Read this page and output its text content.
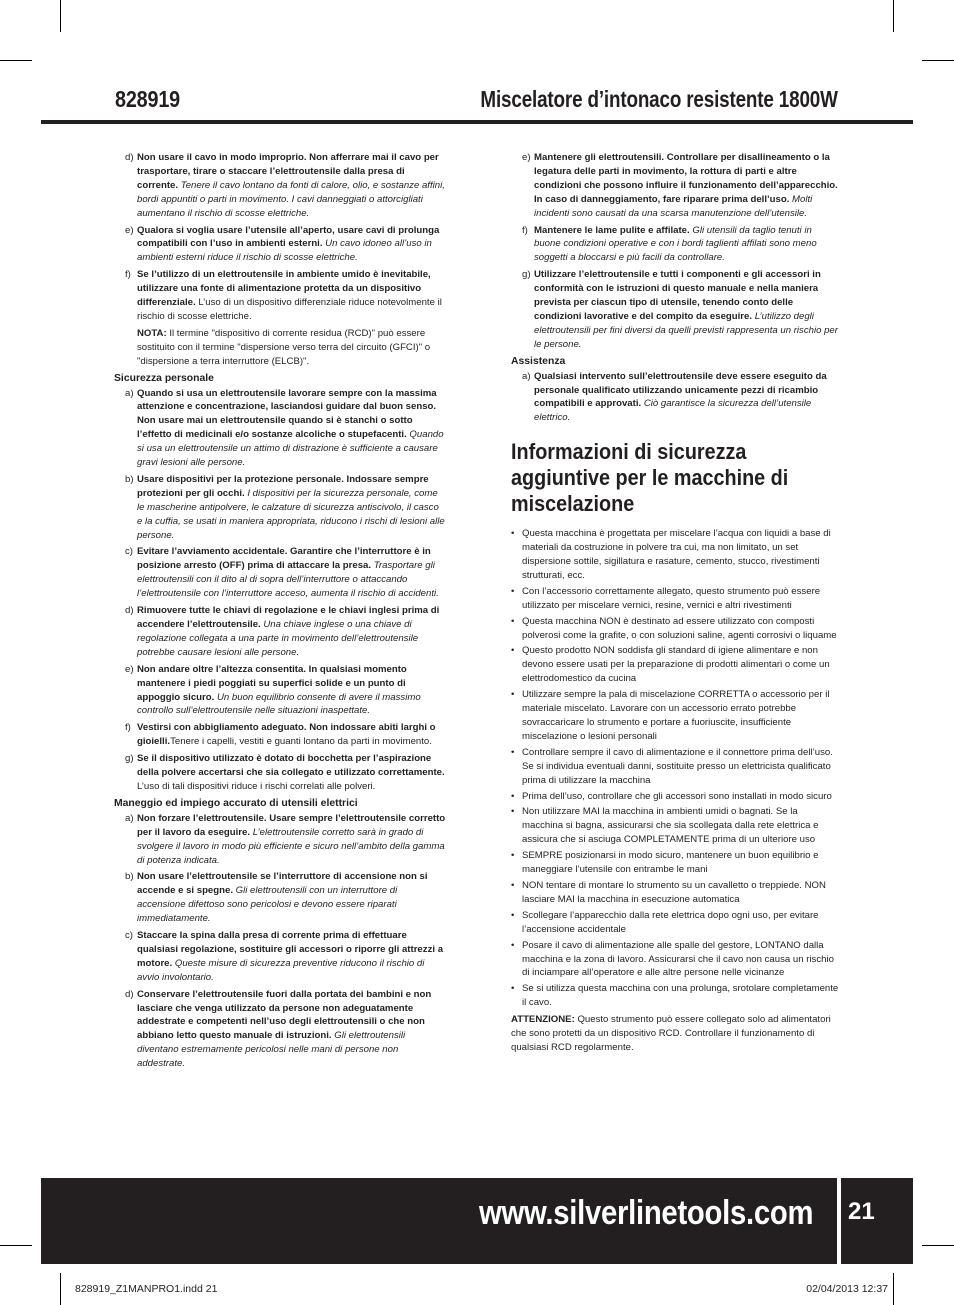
828919	Miscelatore d’intonaco resistente 1800W
d) Non usare il cavo in modo improprio. Non afferrare mai il cavo per trasportare, tirare o staccare l’elettroutensile dalla presa di corrente. Tenere il cavo lontano da fonti di calore, olio, e sostanze affini, bordi appuntiti o parti in movimento. I cavi danneggiati o attorcigliati aumentano il rischio di scosse elettriche.
e) Qualora si voglia usare l’utensile all’aperto, usare cavi di prolunga compatibili con l’uso in ambienti esterni. Un cavo idoneo all’uso in ambienti esterni riduce il rischio di scosse elettriche.
f) Se l’utilizzo di un elettroutensile in ambiente umido è inevitabile, utilizzare una fonte di alimentazione protetta da un dispositivo differenziale. L’uso di un dispositivo differenziale riduce notevolmente il rischio di scosse elettriche.

NOTA: Il termine "dispositivo di corrente residua (RCD)" può essere sostituito con il termine "dispersione verso terra del circuito (GFCI)" o "dispersione a terra interruttore (ELCB)".

Sicurezza personale
a) Quando si usa un elettroutensile lavorare sempre con la massima attenzione e concentrazione, lasciandosi guidare dal buon senso. Non usare mai un elettroutensile quando si è stanchi o sotto l’effetto di medicinali e/o sostanze alcoliche o stupefacenti. Quando si usa un elettroutensile un attimo di distrazione è sufficiente a causare gravi lesioni alle persone.
b) Usare dispositivi per la protezione personale. Indossare sempre protezioni per gli occhi. I dispositivi per la sicurezza personale, come le mascherine antipolvere, le calzature di sicurezza antiscivolo, il casco e la cuffia, se usati in maniera appropriata, riducono i rischi di lesioni alle persone.
c) Evitare l’avviamento accidentale. Garantire che l’interruttore è in posizione arresto (OFF) prima di attaccare la presa. Trasportare gli elettroutensili con il dito al di sopra dell’interruttore o attaccando l’elettroutensile con l’interruttore acceso, aumenta il rischio di accidenti.
d) Rimuovere tutte le chiavi di regolazione e le chiavi inglesi prima di accendere l’elettroutensile. Una chiave inglese o una chiave di regolazione collegata a una parte in movimento dell’elettroutensile potrebbe causare lesioni alle persone.
e) Non andare oltre l’altezza consentita. In qualsiasi momento mantenere i piedi poggiati su superfici solide e un punto di appoggio sicuro. Un buon equilibrio consente di avere il massimo controllo sull’elettroutensile nelle situazioni inaspettate.
f) Vestirsi con abbigliamento adeguato. Non indossare abiti larghi o gioielli.Tenere i capelli, vestiti e guanti lontano da parti in movimento.
g) Se il dispositivo utilizzato è dotato di bocchetta per l’aspirazione della polvere accertarsi che sia collegato e utilizzato correttamente. L’uso di tali dispositivi riduce i rischi correlati alle polveri.
Maneggio ed impiego accurato di utensili elettrici
a) Non forzare l’elettroutensile. Usare sempre l’elettroutensile corretto per il lavoro da eseguire. L’elettroutensile corretto sarà in grado di svolgere il lavoro in modo più efficiente e sicuro nell’ambito della gamma di potenza indicata.
b) Non usare l’elettroutensile se l’interruttore di accensione non si accende e si spegne. Gli elettroutensili con un interruttore di accensione difettoso sono pericolosi e devono essere riparati immediatamente.
c) Staccare la spina dalla presa di corrente prima di effettuare qualsiasi regolazione, sostituire gli accessori o riporre gli attrezzi a motore. Queste misure di sicurezza preventive riducono il rischio di avvio involontario.
d) Conservare l’elettroutensile fuori dalla portata dei bambini e non lasciare che venga utilizzato da persone non adeguatamente addestrate e competenti nell’uso degli elettroutensili o che non abbiano letto questo manuale di istruzioni. Gli elettroutensili diventano estremamente pericolosi nelle mani di persone non addestrate.
e) Mantenere gli elettroutensili. Controllare per disallineamento o la legatura delle parti in movimento, la rottura di parti e altre condizioni che possono influire il funzionamento dell’apparecchio. In caso di danneggiamento, fare riparare prima dell’uso. Molti incidenti sono causati da una scarsa manutenzione dell’utensile.
f) Mantenere le lame pulite e affilate. Gli utensili da taglio tenuti in buone condizioni operative e con i bordi taglienti affilati sono meno soggetti a bloccarsi e più facili da controllare.
g) Utilizzare l’elettroutensile e tutti i componenti e gli accessori in conformità con le istruzioni di questo manuale e nella maniera prevista per ciascun tipo di utensile, tenendo conto delle condizioni lavorative e del compito da eseguire. L’utilizzo degli elettroutensili per fini diversi da quelli previsti rappresenta un rischio per le persone.
Assistenza
a) Qualsiasi intervento sull’elettroutensile deve essere eseguito da personale qualificato utilizzando unicamente pezzi di ricambio compatibili e approvati. Ciò garantisce la sicurezza dell’utensile elettrico.
Informazioni di sicurezza aggiuntive per le macchine di miscelazione
• Questa macchina è progettata per miscelare l’acqua con liquidi a base di materiali da costruzione in polvere tra cui, ma non limitato, un set dispersione sottile, sigillatura e rasature, cemento, stucco, rivestimenti strutturati, ecc.
• Con l’accessorio correttamente allegato, questo strumento può essere utilizzato per miscelare vernici, resine, vernici e altri rivestimenti
• Questa macchina NON è destinato ad essere utilizzato con composti polverosi come la grafite, o con soluzioni saline, agenti corrosivi o liquame
• Questo prodotto NON soddisfa gli standard di igiene alimentare e non devono essere usati per la preparazione di prodotti alimentari o come un elettrodomestico da cucina
• Utilizzare sempre la pala di miscelazione CORRETTA o accessorio per il materiale miscelato. Lavorare con un accessorio errato potrebbe sovraccaricare lo strumento e portare a fuoriuscite, insufficiente miscelazione o lesioni personali
• Controllare sempre il cavo di alimentazione e il connettore prima dell’uso. Se si individua eventuali danni, sostituite presso un elettricista qualificato prima di utilizzare la macchina
• Prima dell’uso, controllare che gli accessori sono installati in modo sicuro
• Non utilizzare MAI la macchina in ambienti umidi o bagnati. Se la macchina si bagna, assicurarsi che sia scollegata dalla rete elettrica e assicura che si asciuga COMPLETAMENTE prima di un ulteriore uso
• SEMPRE posizionarsi in modo sicuro, mantenere un buon equilibrio e maneggiare l’utensile con entrambe le mani
• NON tentare di montare lo strumento su un cavalletto o treppiede. NON lasciare MAI la macchina in esecuzione automatica
• Scollegare l’apparecchio dalla rete elettrica dopo ogni uso, per evitare l’accensione accidentale
• Posare il cavo di alimentazione alle spalle del gestore, LONTANO dalla macchina e la zona di lavoro. Assicurarsi che il cavo non causa un rischio di inciampare all’operatore e alle altre persone nelle vicinanze
• Se si utilizza questa macchina con una prolunga, srotolare completamente il cavo.

ATTENZIONE: Questo strumento può essere collegato solo ad alimentatori che sono protetti da un dispositivo RCD. Controllare il funzionamento di qualsiasi RCD regolarmente.

www.silverlinetools.com 21
828919_Z1MANPRO1.indd 21	02/04/2013 12:37
